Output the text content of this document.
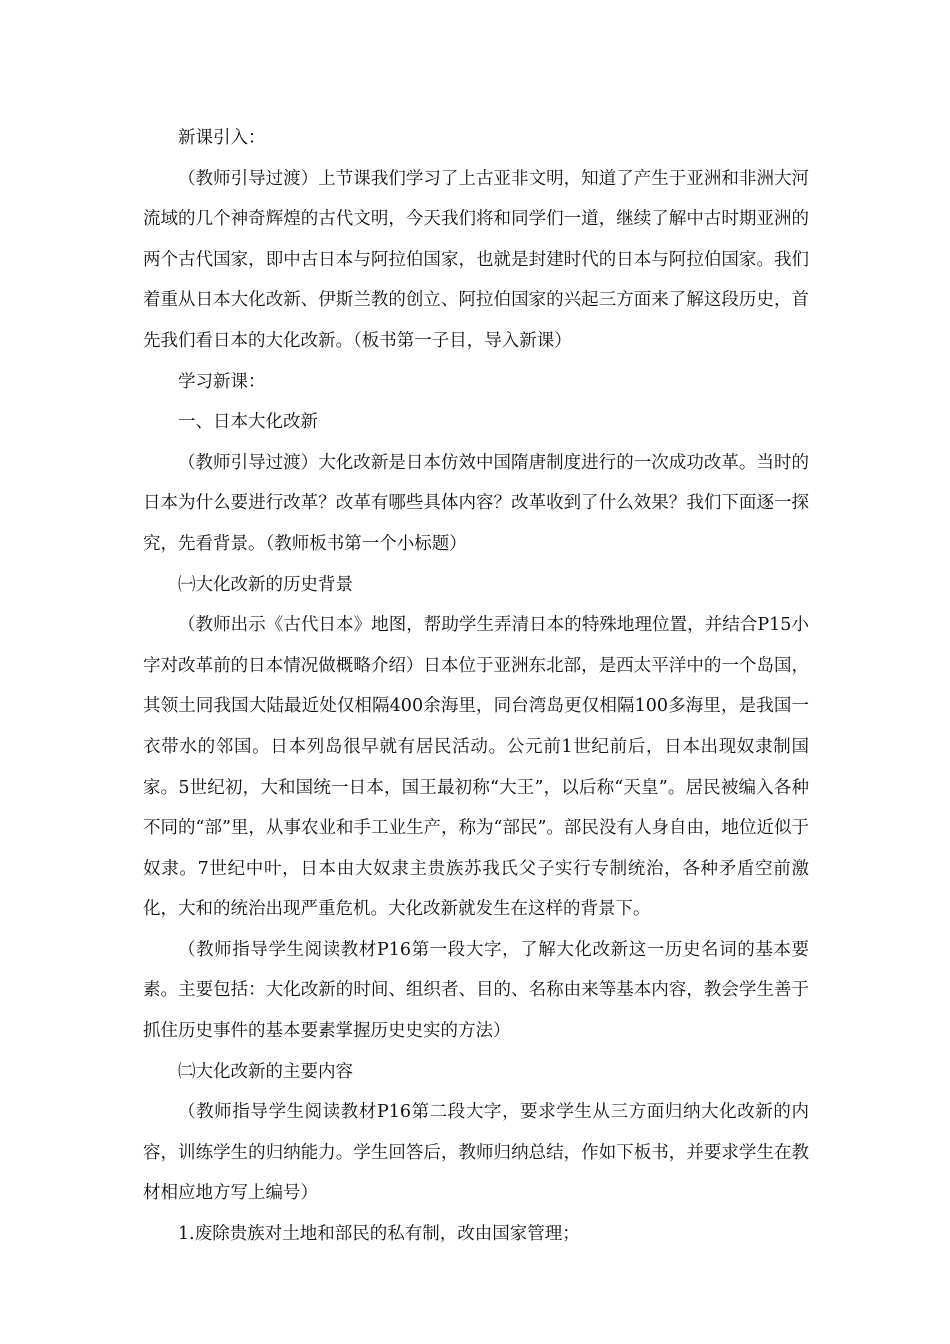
新课引入：

（教师引导过渡）上节课我们学习了上古亚非文明，知道了产生于亚洲和非洲大河流域的几个神奇辉煌的古代文明，今天我们将和同学们一道，继续了解中古时期亚洲的两个古代国家，即中古日本与阿拉伯国家，也就是封建时代的日本与阿拉伯国家。我们着重从日本大化改新、伊斯兰教的创立、阿拉伯国家的兴起三方面来了解这段历史，首先我们看日本的大化改新。（板书第一子目，导入新课）

学习新课：

一、日本大化改新

（教师引导过渡）大化改新是日本仿效中国隋唐制度进行的一次成功改革。当时的日本为什么要进行改革？改革有哪些具体内容？改革收到了什么效果？我们下面逐一探究，先看背景。（教师板书第一个小标题）

㈠大化改新的历史背景

（教师出示《古代日本》地图，帮助学生弄清日本的特殊地理位置，并结合P15小字对改革前的日本情况做概略介绍）日本位于亚洲东北部，是西太平洋中的一个岛国，其领土同我国大陆最近处仅相隔400余海里，同台湾岛更仅相隔100多海里，是我国一衣带水的邻国。日本列岛很早就有居民活动。公元前1世纪前后，日本出现奴隶制国家。5世纪初，大和国统一日本，国王最初称“大王”，以后称“天皇”。居民被编入各种不同的“部”里，从事农业和手工业生产，称为“部民”。部民没有人身自由，地位近似于奴隶。7世纪中叶，日本由大奴隶主贵族苏我氏父子实行专制统治，各种矛盾空前激化，大和的统治出现严重危机。大化改新就发生在这样的背景下。

（教师指导学生阅读教材P16第一段大字，了解大化改新这一历史名词的基本要素。主要包括：大化改新的时间、组织者、目的、名称由来等基本内容，教会学生善于抓住历史事件的基本要素掌握历史史实的方法）

㈡大化改新的主要内容

（教师指导学生阅读教材P16第二段大字，要求学生从三方面归纳大化改新的内容，训练学生的归纳能力。学生回答后，教师归纳总结，作如下板书，并要求学生在教材相应地方写上编号）

1.废除贵族对土地和部民的私有制，改由国家管理；
